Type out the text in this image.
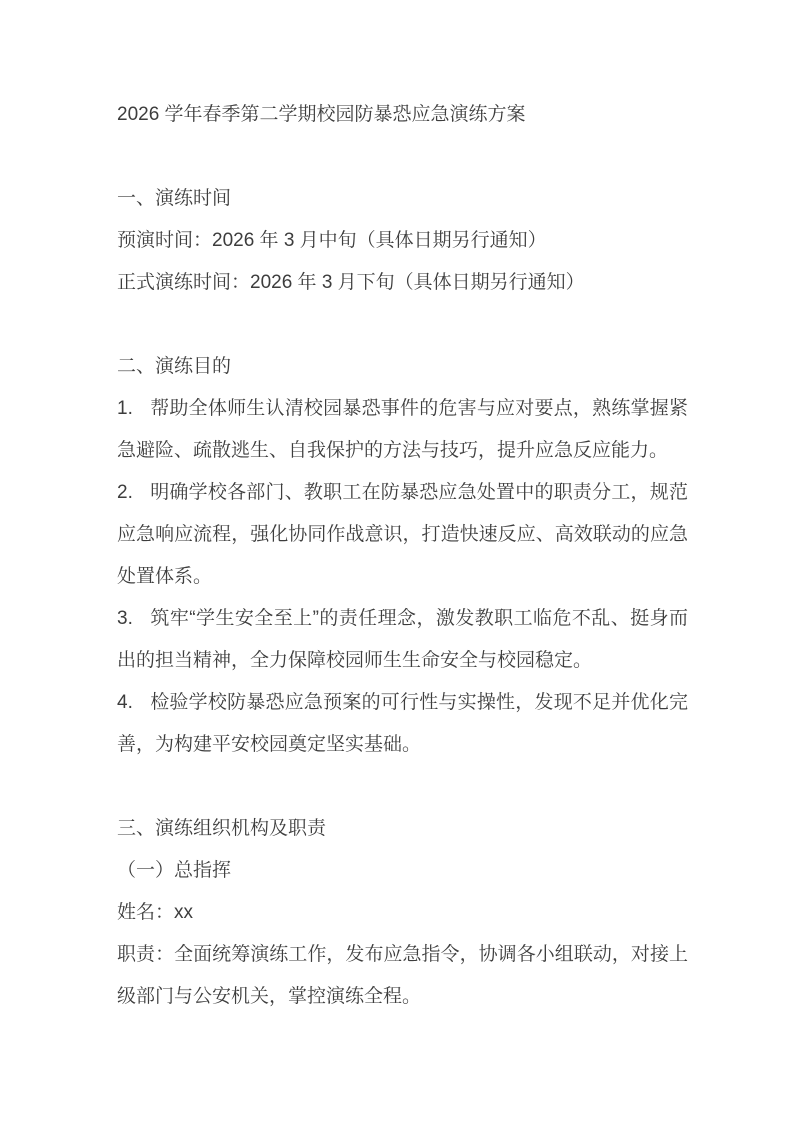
2026 学年春季第二学期校园防暴恐应急演练方案

一、演练时间

预演时间：2026 年 3 月中旬（具体日期另行通知）

正式演练时间：2026 年 3 月下旬（具体日期另行通知）

二、演练目的

1. 帮助全体师生认清校园暴恐事件的危害与应对要点，熟练掌握紧急避险、疏散逃生、自我保护的方法与技巧，提升应急反应能力。

2. 明确学校各部门、教职工在防暴恐应急处置中的职责分工，规范应急响应流程，强化协同作战意识，打造快速反应、高效联动的应急处置体系。

3. 筑牢“学生安全至上”的责任理念，激发教职工临危不乱、挺身而出的担当精神，全力保障校园师生生命安全与校园稳定。

4. 检验学校防暴恐应急预案的可行性与实操性，发现不足并优化完善，为构建平安校园奠定坚实基础。

三、演练组织机构及职责

（一）总指挥

姓名：xx

职责：全面统筹演练工作，发布应急指令，协调各小组联动，对接上级部门与公安机关，掌控演练全程。
